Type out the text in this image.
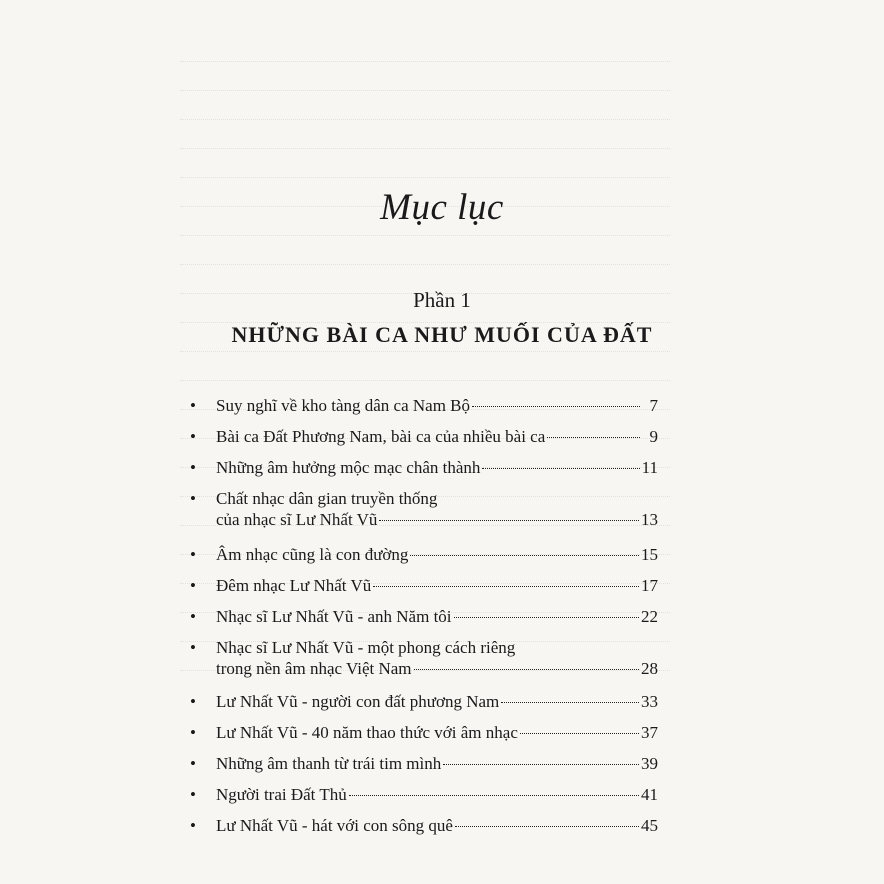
Mục lục
Phần 1
NHỮNG BÀI CA NHƯ MUỐI CỦA ĐẤT
• Suy nghĩ về kho tàng dân ca Nam Bộ	7
• Bài ca Đất Phương Nam, bài ca của nhiều bài ca	9
• Những âm hưởng mộc mạc chân thành	11
• Chất nhạc dân gian truyền thống
của nhạc sĩ Lư Nhất Vũ	13
• Âm nhạc cũng là con đường	15
• Đêm nhạc Lư Nhất Vũ	17
• Nhạc sĩ Lư Nhất Vũ - anh Năm tôi	22
• Nhạc sĩ Lư Nhất Vũ - một phong cách riêng
trong nền âm nhạc Việt Nam	28
• Lư Nhất Vũ - người con đất phương Nam	33
• Lư Nhất Vũ - 40 năm thao thức với âm nhạc	37
• Những âm thanh từ trái tim mình	39
• Người trai Đất Thủ	41
• Lư Nhất Vũ - hát với con sông quê	45
